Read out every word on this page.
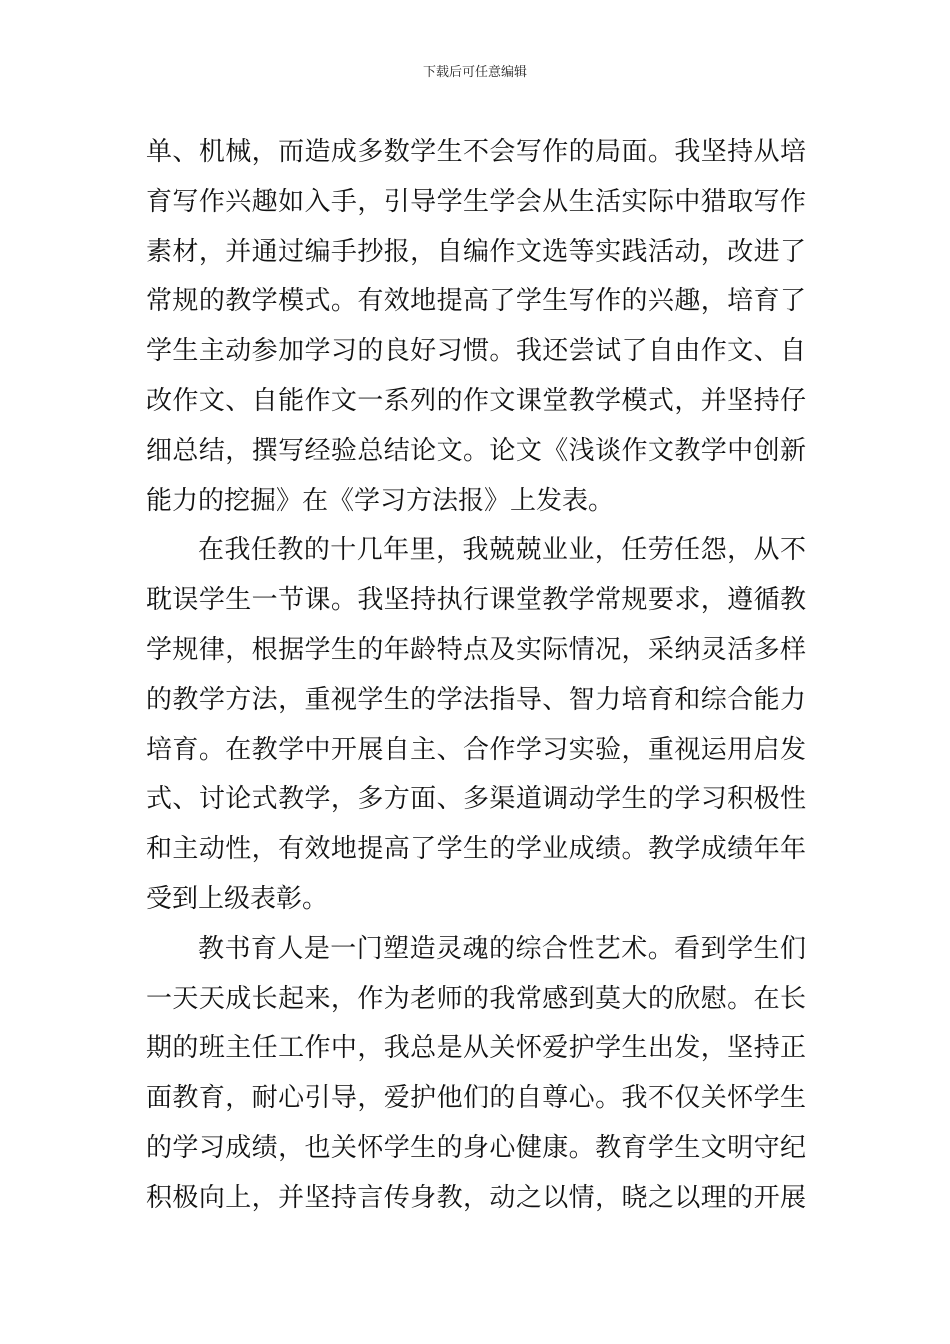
下载后可任意编辑
单、机械，而造成多数学生不会写作的局面。我坚持从培
育写作兴趣如入手，引导学生学会从生活实际中猎取写作
素材，并通过编手抄报，自编作文选等实践活动，改进了
常规的教学模式。有效地提高了学生写作的兴趣，培育了
学生主动参加学习的良好习惯。我还尝试了自由作文、自
改作文、自能作文一系列的作文课堂教学模式，并坚持仔
细总结，撰写经验总结论文。论文《浅谈作文教学中创新
能力的挖掘》在《学习方法报》上发表。
在我任教的十几年里，我兢兢业业，任劳任怨，从不
耽误学生一节课。我坚持执行课堂教学常规要求，遵循教
学规律，根据学生的年龄特点及实际情况，采纳灵活多样
的教学方法，重视学生的学法指导、智力培育和综合能力
培育。在教学中开展自主、合作学习实验，重视运用启发
式、讨论式教学，多方面、多渠道调动学生的学习积极性
和主动性，有效地提高了学生的学业成绩。教学成绩年年
受到上级表彰。
教书育人是一门塑造灵魂的综合性艺术。看到学生们
一天天成长起来，作为老师的我常感到莫大的欣慰。在长
期的班主任工作中，我总是从关怀爱护学生出发，坚持正
面教育，耐心引导，爱护他们的自尊心。我不仅关怀学生
的学习成绩，也关怀学生的身心健康。教育学生文明守纪
积极向上，并坚持言传身教，动之以情，晓之以理的开展
